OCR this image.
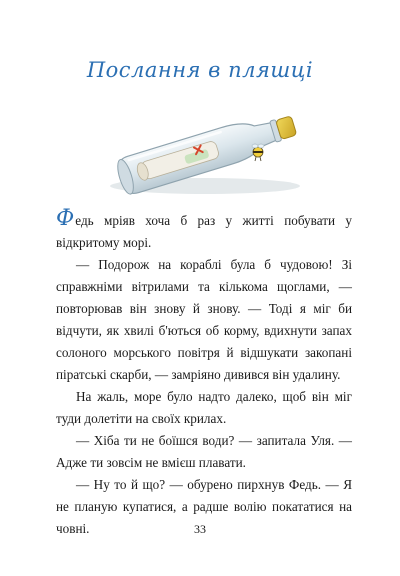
Послання в пляшці

Федь мріяв хоча б раз у житті побувати у відкритому морі.

— Подорож на кораблі була б чудовою! Зі справжніми вітрилами та кількома щоглами, — повторював він знову й знову. — Тоді я міг би відчути, як хвилі б'ються об корму, вдихнути запах солоного морського повітря й відшукати закопані піратські скарби, — замріяно дивився він удалину.

На жаль, море було надто далеко, щоб він міг туди долетіти на своїх крилах.

— Хіба ти не боїшся води? — запитала Уля. — Адже ти зовсім не вмієш плавати.

— Ну то й що? — обурено пирхнув Федь. — Я не планую купатися, а радше волію покататися на човні.	33
